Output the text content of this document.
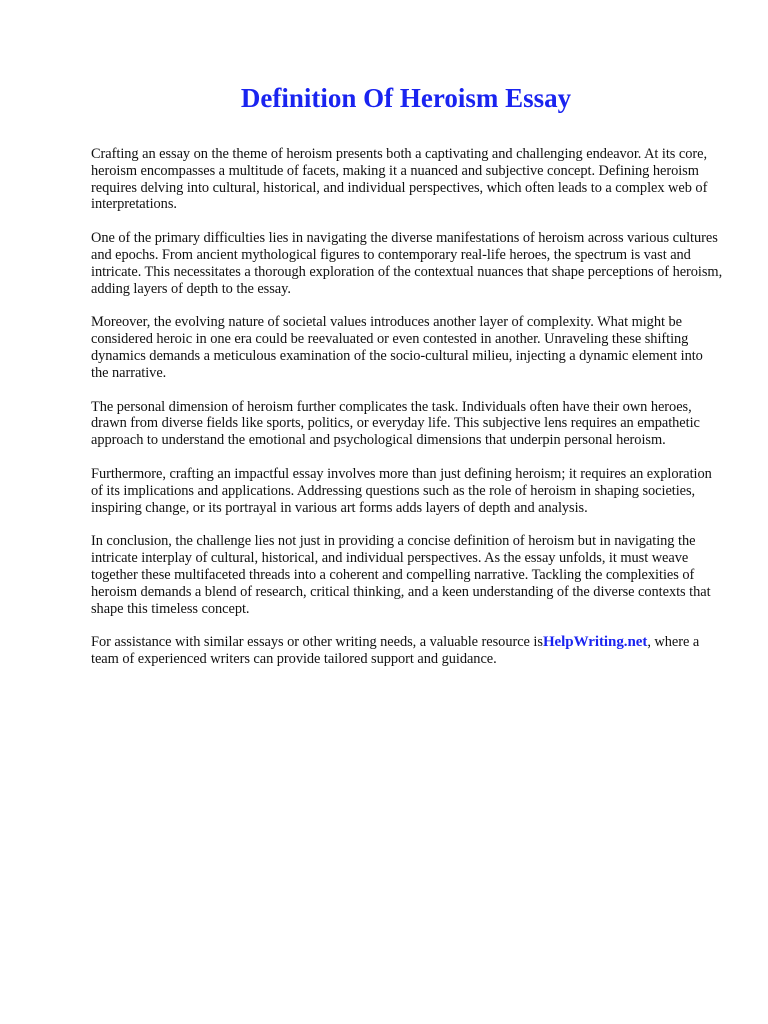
Definition Of Heroism Essay

Crafting an essay on the theme of heroism presents both a captivating and challenging endeavor. At its core, heroism encompasses a multitude of facets, making it a nuanced and subjective concept. Defining heroism requires delving into cultural, historical, and individual perspectives, which often leads to a complex web of interpretations.

One of the primary difficulties lies in navigating the diverse manifestations of heroism across various cultures and epochs. From ancient mythological figures to contemporary real-life heroes, the spectrum is vast and intricate. This necessitates a thorough exploration of the contextual nuances that shape perceptions of heroism, adding layers of depth to the essay.

Moreover, the evolving nature of societal values introduces another layer of complexity. What might be considered heroic in one era could be reevaluated or even contested in another. Unraveling these shifting dynamics demands a meticulous examination of the socio-cultural milieu, injecting a dynamic element into the narrative.

The personal dimension of heroism further complicates the task. Individuals often have their own heroes, drawn from diverse fields like sports, politics, or everyday life. This subjective lens requires an empathetic approach to understand the emotional and psychological dimensions that underpin personal heroism.

Furthermore, crafting an impactful essay involves more than just defining heroism; it requires an exploration of its implications and applications. Addressing questions such as the role of heroism in shaping societies, inspiring change, or its portrayal in various art forms adds layers of depth and analysis.

In conclusion, the challenge lies not just in providing a concise definition of heroism but in navigating the intricate interplay of cultural, historical, and individual perspectives. As the essay unfolds, it must weave together these multifaceted threads into a coherent and compelling narrative. Tackling the complexities of heroism demands a blend of research, critical thinking, and a keen understanding of the diverse contexts that shape this timeless concept.

For assistance with similar essays or other writing needs, a valuable resource isHelpWriting.net, where a team of experienced writers can provide tailored support and guidance.
